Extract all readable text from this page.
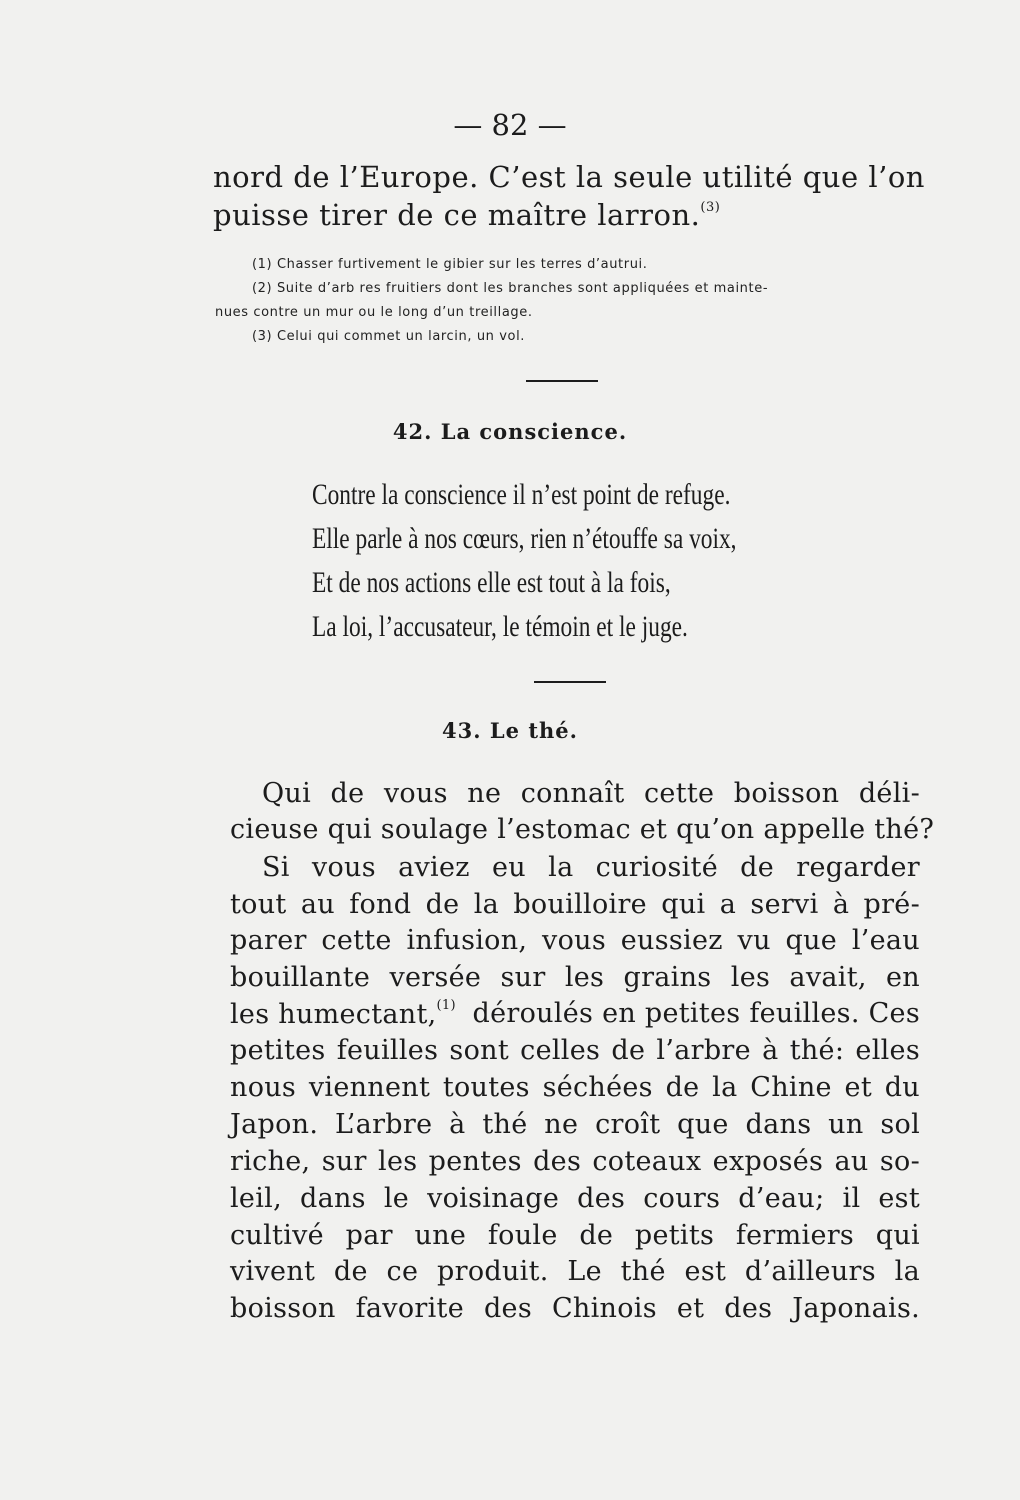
— 82 —
nord de l’Europe. C’est la seule utilité que l’on
puisse tirer de ce maître larron.$^{(3)}$
(1) Chasser furtivement le gibier sur les terres d’autrui.
(2) Suite d’arb res fruitiers dont les branches sont appliquées et mainte-
nues contre un mur ou le long d’un treillage.
(3) Celui qui commet un larcin, un vol.
42. La conscience.
Contre la conscience il n’est point de refuge.
Elle parle à nos cœurs, rien n’étouffe sa voix,
Et de nos actions elle est tout à la fois,
La loi, l’accusateur, le témoin et le juge.
43. Le thé.
Qui de vous ne connaît cette boisson déli-
cieuse qui soulage l’estomac et qu’on appelle thé?
Si vous aviez eu la curiosité de regarder
tout au fond de la bouilloire qui a servi à pré-
parer cette infusion, vous eussiez vu que l’eau
bouillante versée sur les grains les avait, en
les humectant,$^{(1)}$ déroulés en petites feuilles. Ces
petites feuilles sont celles de l’arbre à thé: elles
nous viennent toutes séchées de la Chine et du
Japon. L’arbre à thé ne croît que dans un sol
riche, sur les pentes des coteaux exposés au so-
leil, dans le voisinage des cours d’eau; il est
cultivé par une foule de petits fermiers qui
vivent de ce produit. Le thé est d’ailleurs la
boisson favorite des Chinois et des Japonais.
